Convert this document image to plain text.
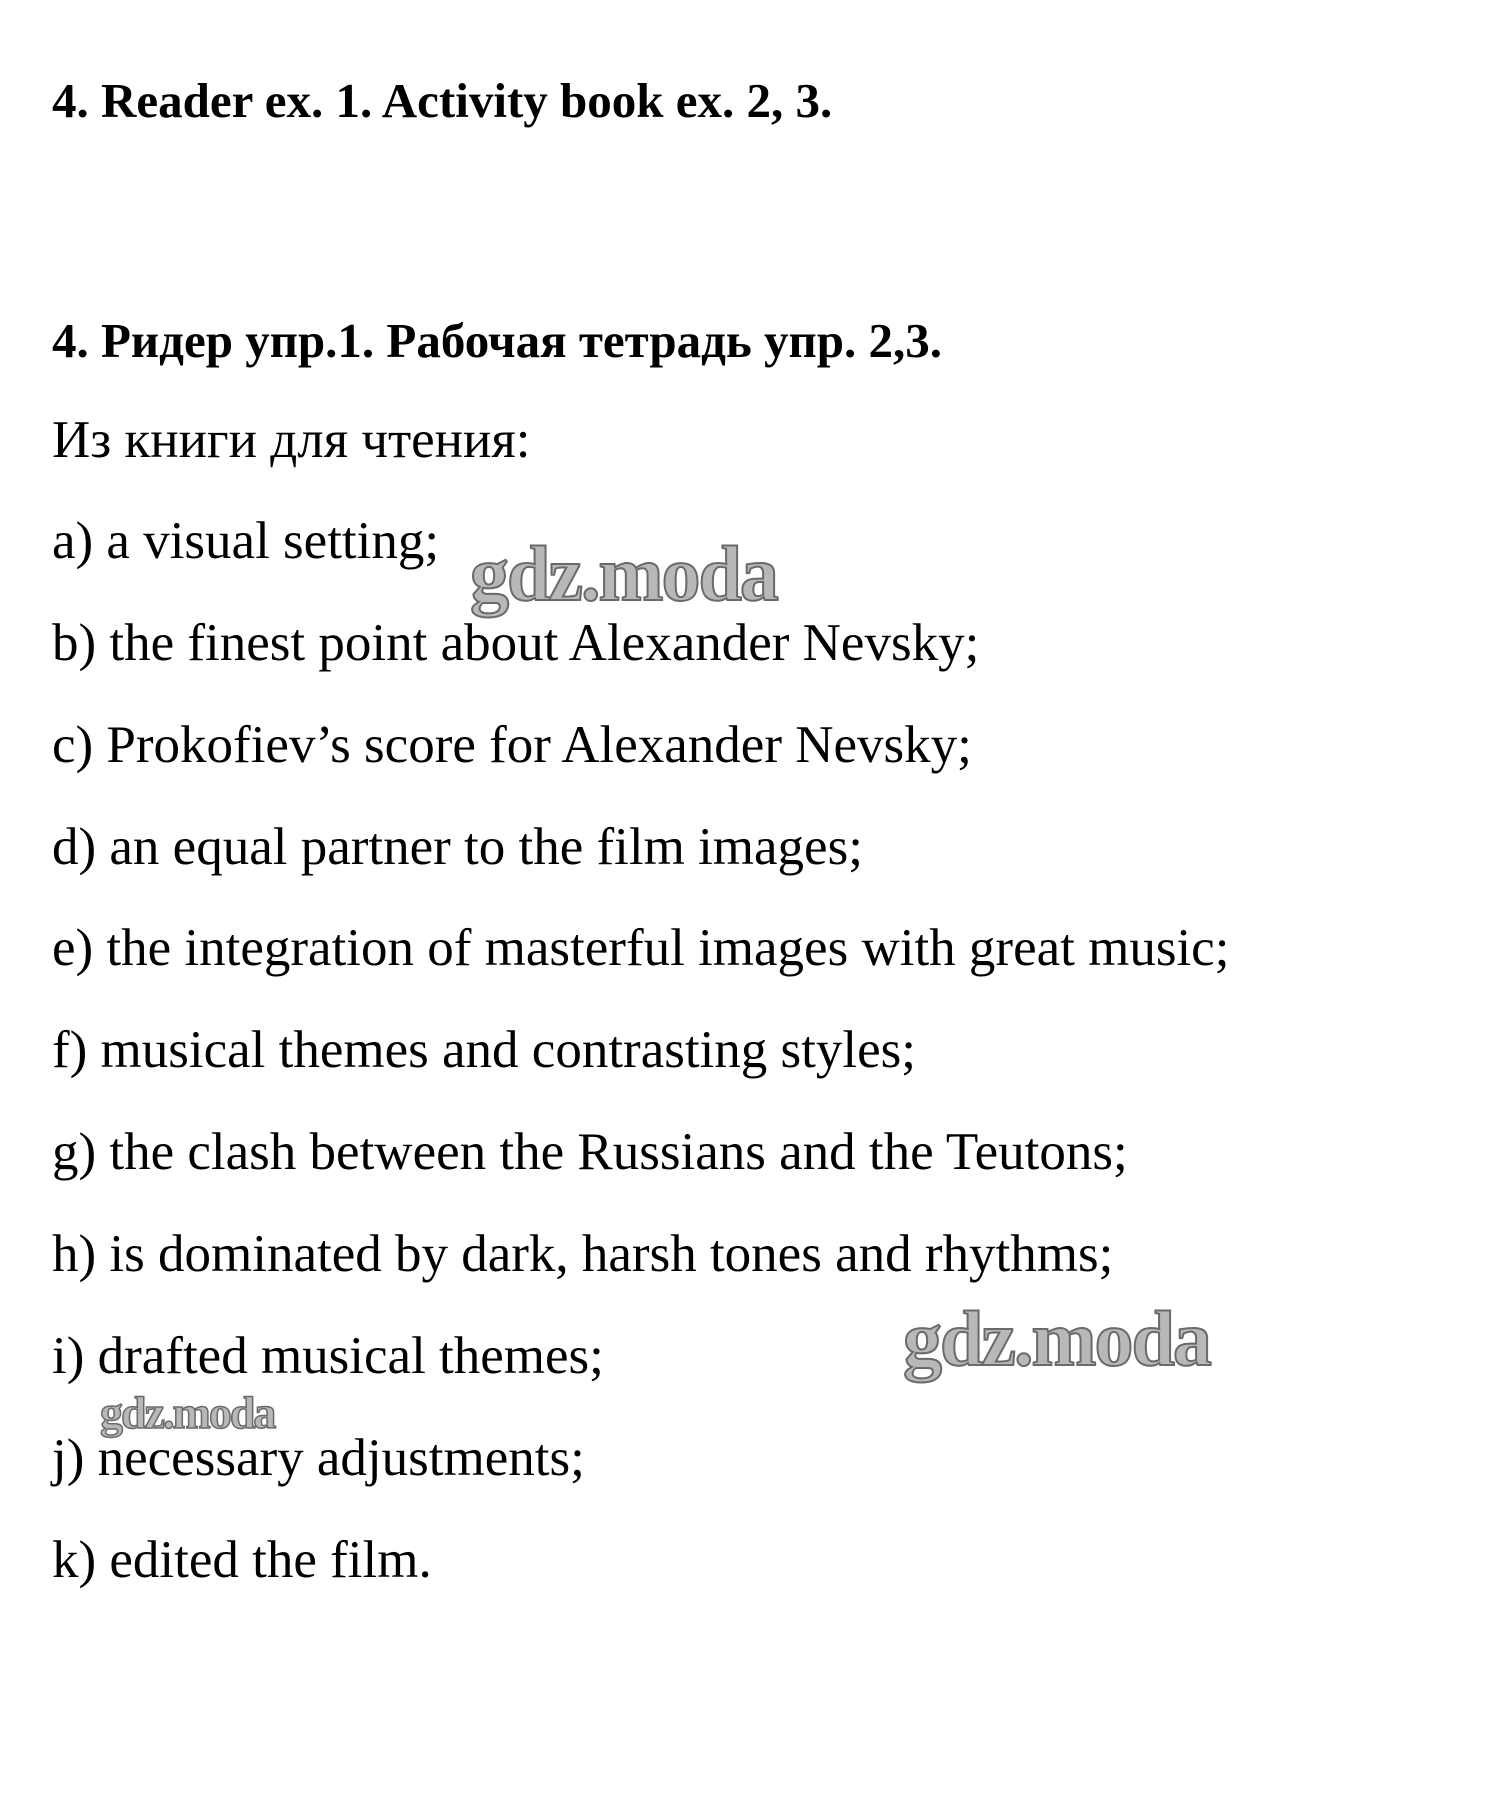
4. Reader ex. 1. Activity book ex. 2, 3.
4. Ридер упр.1. Рабочая тетрадь упр. 2,3.
Из книги для чтения:
a) a visual setting;
b) the finest point about Alexander Nevsky;
c) Prokofiev’s score for Alexander Nevsky;
d) an equal partner to the film images;
e) the integration of masterful images with great music;
f) musical themes and contrasting styles;
g) the clash between the Russians and the Teutons;
h) is dominated by dark, harsh tones and rhythms;
i) drafted musical themes;
j) necessary adjustments;
k) edited the film.
gdz.moda
gdz.moda
gdz.moda
